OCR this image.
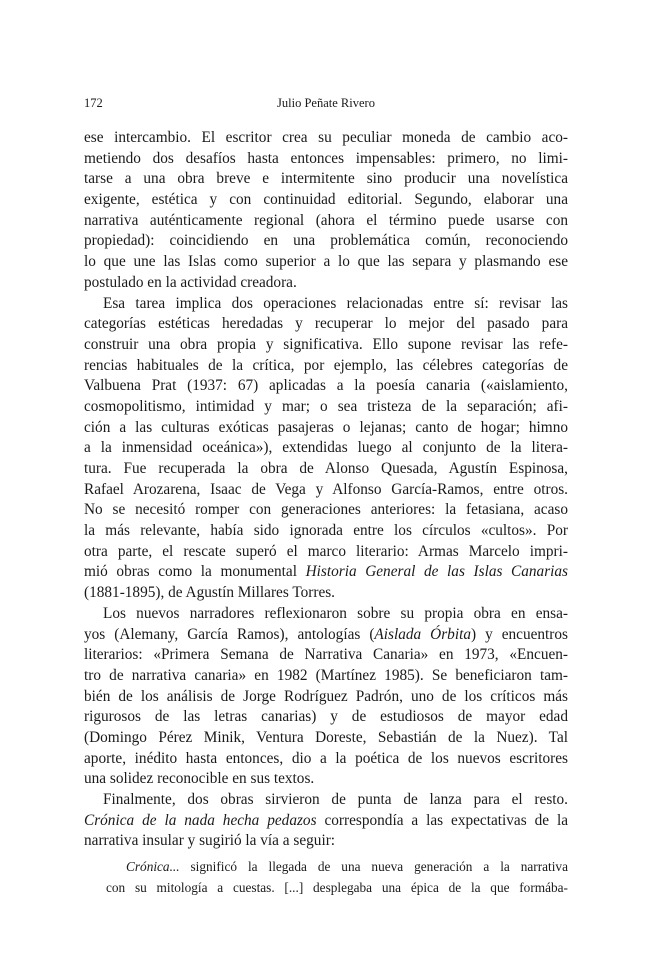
172	Julio Peñate Rivero
ese intercambio. El escritor crea su peculiar moneda de cambio aco-
metiendo dos desafíos hasta entonces impensables: primero, no limi-
tarse a una obra breve e intermitente sino producir una novelística
exigente, estética y con continuidad editorial. Segundo, elaborar una
narrativa auténticamente regional (ahora el término puede usarse con
propiedad): coincidiendo en una problemática común, reconociendo
lo que une las Islas como superior a lo que las separa y plasmando ese
postulado en la actividad creadora.
Esa tarea implica dos operaciones relacionadas entre sí: revisar las
categorías estéticas heredadas y recuperar lo mejor del pasado para
construir una obra propia y significativa. Ello supone revisar las refe-
rencias habituales de la crítica, por ejemplo, las célebres categorías de
Valbuena Prat (1937: 67) aplicadas a la poesía canaria («aislamiento,
cosmopolitismo, intimidad y mar; o sea tristeza de la separación; afi-
ción a las culturas exóticas pasajeras o lejanas; canto de hogar; himno
a la inmensidad oceánica»), extendidas luego al conjunto de la litera-
tura. Fue recuperada la obra de Alonso Quesada, Agustín Espinosa,
Rafael Arozarena, Isaac de Vega y Alfonso García-Ramos, entre otros.
No se necesitó romper con generaciones anteriores: la fetasiana, acaso
la más relevante, había sido ignorada entre los círculos «cultos». Por
otra parte, el rescate superó el marco literario: Armas Marcelo impri-
mió obras como la monumental Historia General de las Islas Canarias
(1881-1895), de Agustín Millares Torres.
Los nuevos narradores reflexionaron sobre su propia obra en ensa-
yos (Alemany, García Ramos), antologías (Aislada Órbita) y encuentros
literarios: «Primera Semana de Narrativa Canaria» en 1973, «Encuen-
tro de narrativa canaria» en 1982 (Martínez 1985). Se beneficiaron tam-
bién de los análisis de Jorge Rodríguez Padrón, uno de los críticos más
rigurosos de las letras canarias) y de estudiosos de mayor edad
(Domingo Pérez Minik, Ventura Doreste, Sebastián de la Nuez). Tal
aporte, inédito hasta entonces, dio a la poética de los nuevos escritores
una solidez reconocible en sus textos.
Finalmente, dos obras sirvieron de punta de lanza para el resto.
Crónica de la nada hecha pedazos correspondía a las expectativas de la
narrativa insular y sugirió la vía a seguir:
Crónica... significó la llegada de una nueva generación a la narrativa
con su mitología a cuestas. [...] desplegaba una épica de la que formába-
